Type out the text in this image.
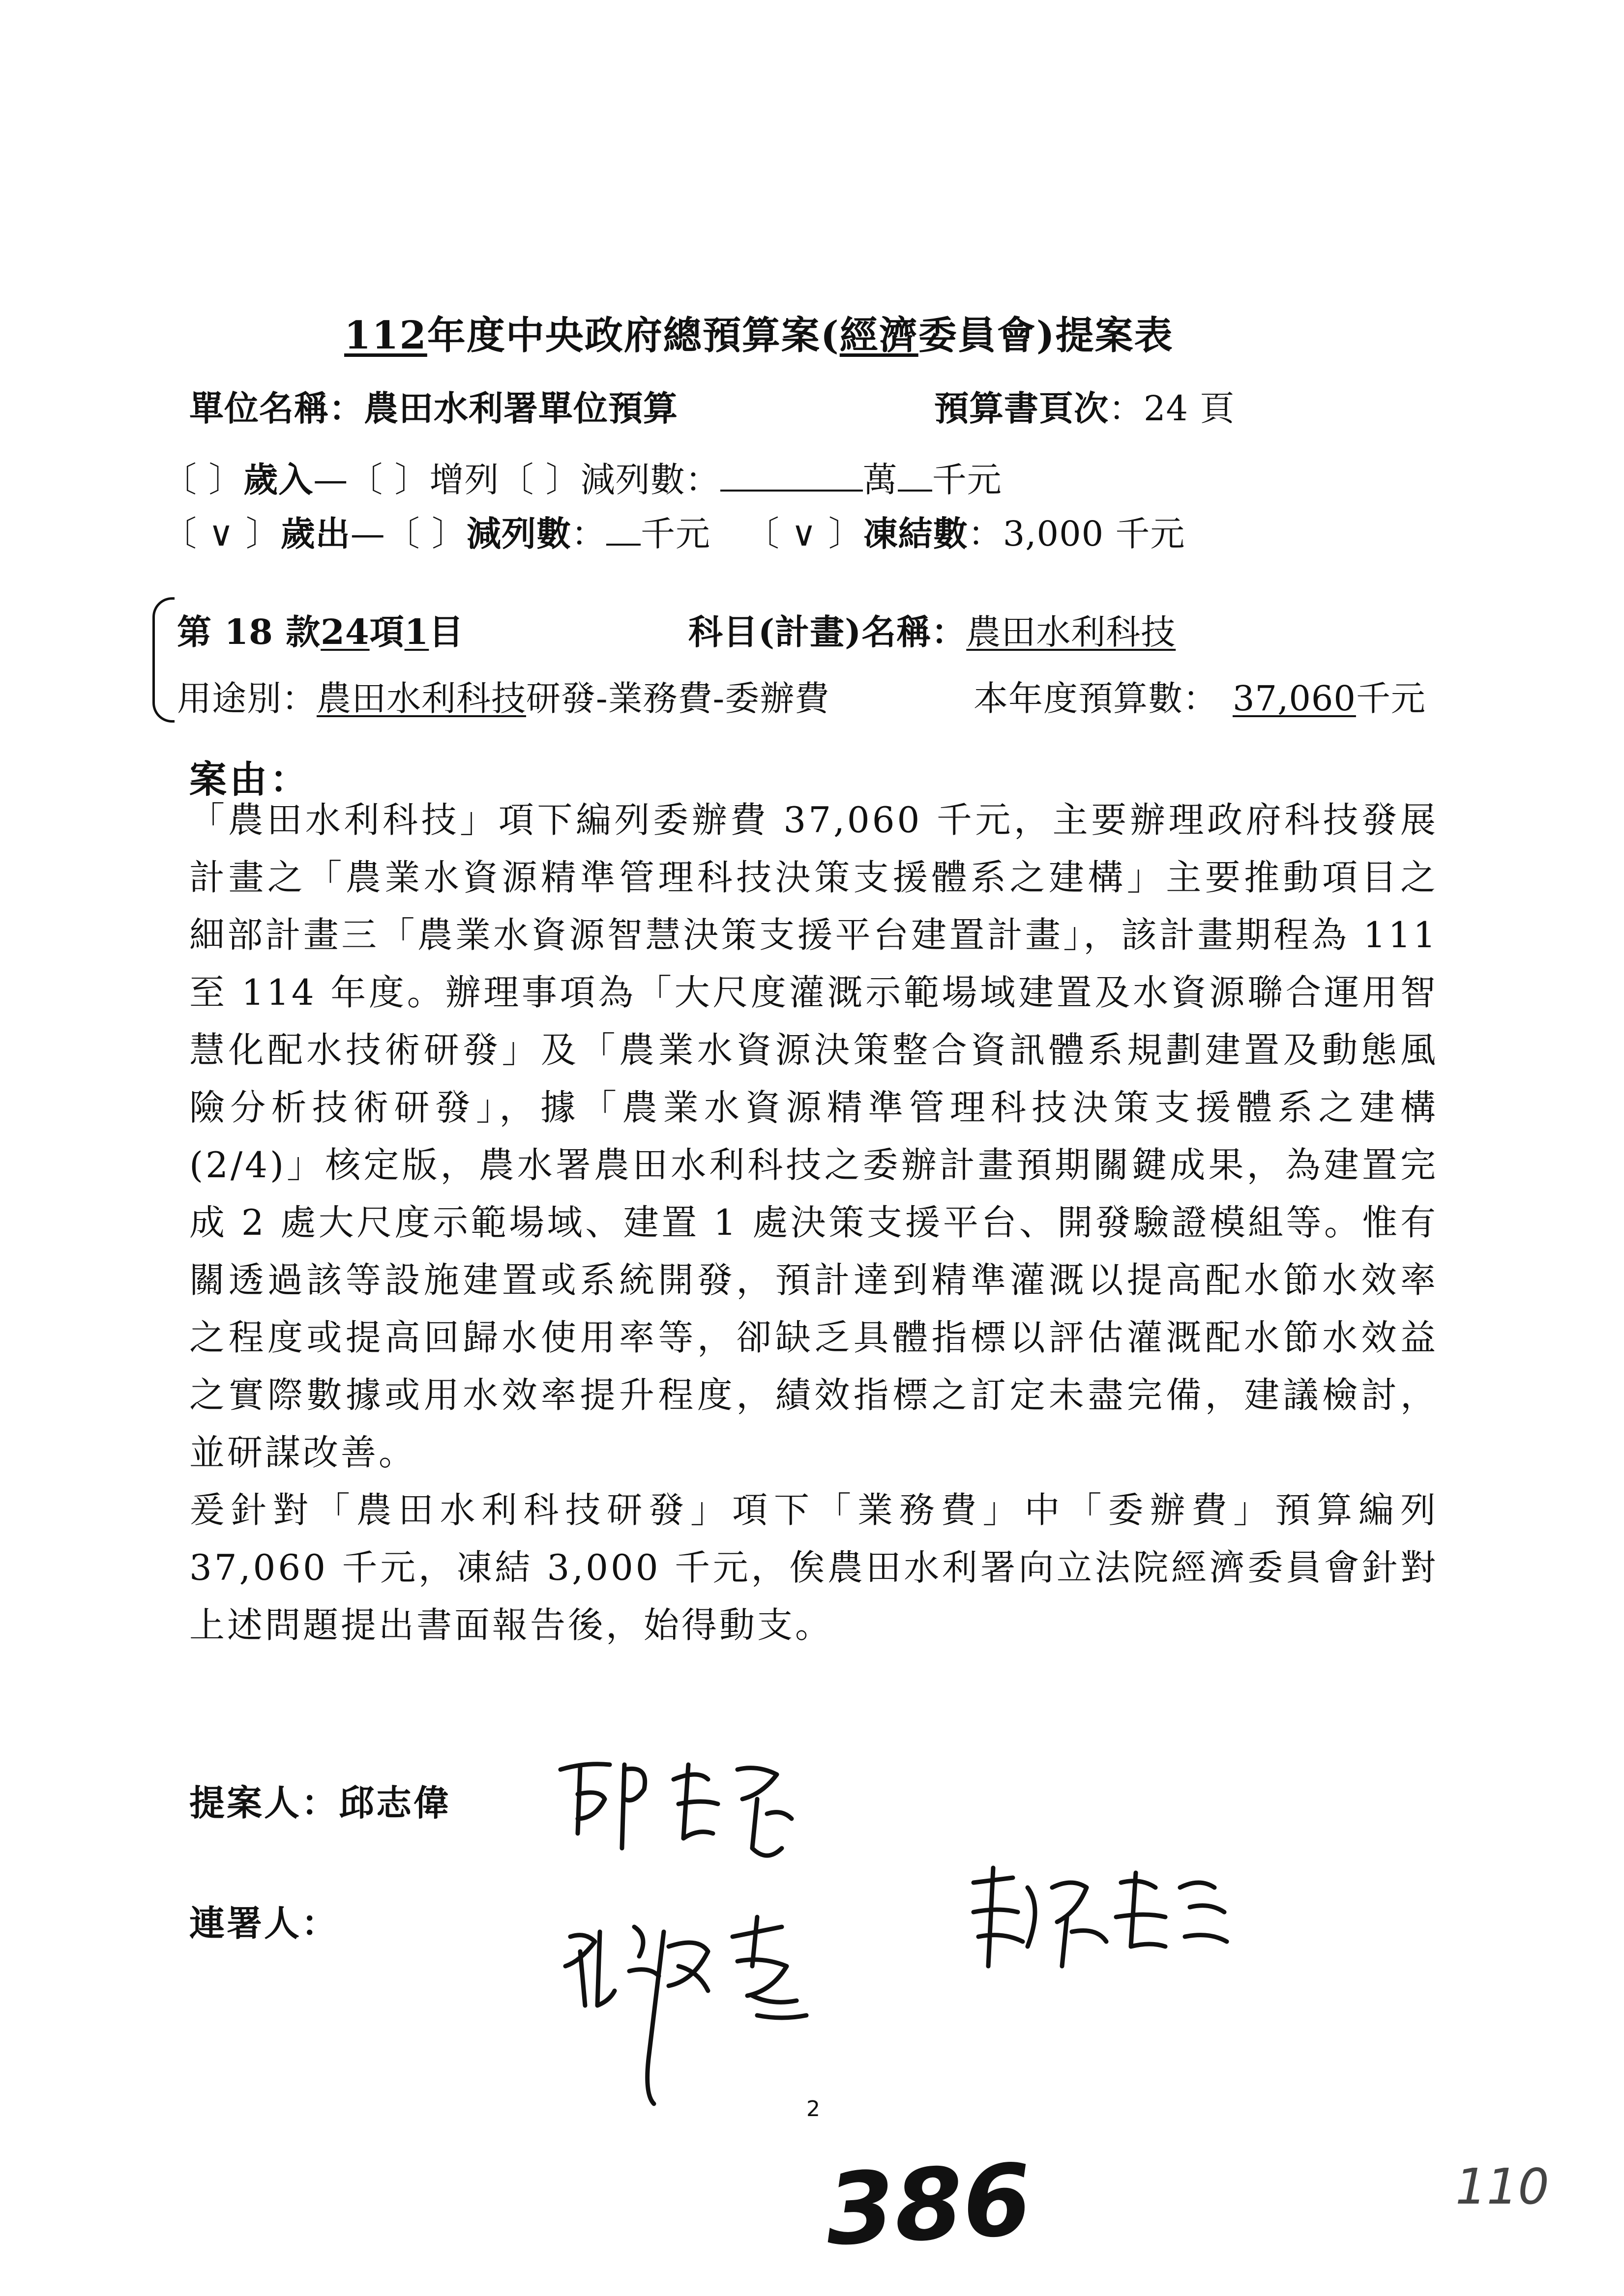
112年度中央政府總預算案(經濟委員會)提案表
單位名稱：農田水利署單位預算	預算書頁次：24 頁
〔 〕歲入—〔 〕增列〔 〕減列數：	萬 千元
〔 ∨ 〕歲出—〔 〕減列數： 千元 〔 ∨ 〕凍結數：3,000 千元
第 18 款24項1目	科目(計畫)名稱：農田水利科技
用途別：農田水利科技研發-業務費-委辦費	本年度預算數： 37,060千元
案由：

「農田水利科技」項下編列委辦費 37,060 千元，主要辦理政府科技發展計畫之「農業水資源精準管理科技決策支援體系之建構」主要推動項目之細部計畫三「農業水資源智慧決策支援平台建置計畫」，該計畫期程為 111 至 114 年度。辦理事項為「大尺度灌溉示範場域建置及水資源聯合運用智慧化配水技術研發」及「農業水資源決策整合資訊體系規劃建置及動態風險分析技術研發」，據「農業水資源精準管理科技決策支援體系之建構(2/4)」核定版，農水署農田水利科技之委辦計畫預期關鍵成果，為建置完成 2 處大尺度示範場域、建置 1 處決策支援平台、開發驗證模組等。惟有關透過該等設施建置或系統開發，預計達到精準灌溉以提高配水節水效率之程度或提高回歸水使用率等，卻缺乏具體指標以評估灌溉配水節水效益之實際數據或用水效率提升程度，績效指標之訂定未盡完備，建議檢討，並研謀改善。

爰針對「農田水利科技研發」項下「業務費」中「委辦費」預算編列 37,060 千元，凍結 3,000 千元，俟農田水利署向立法院經濟委員會針對上述問題提出書面報告後，始得動支。

提案人：邱志偉
邱志偉
連署人：
2
386	110
